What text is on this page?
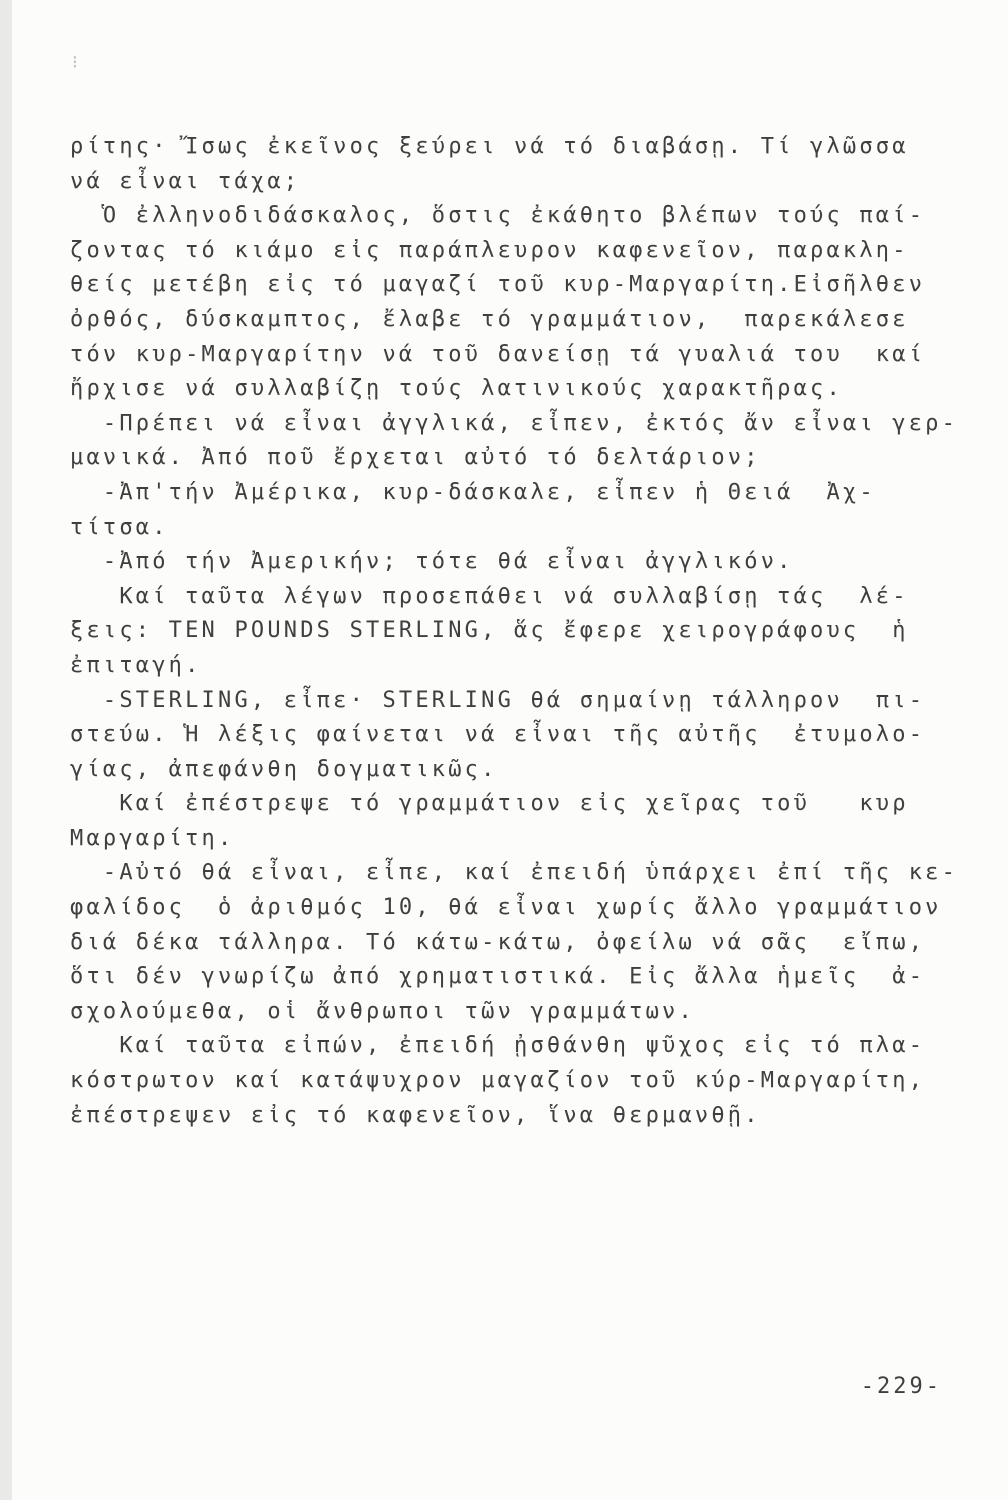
⁝
ρίτης· Ἴσως ἐκεῖνος ξεύρει νά τό διαβάσῃ. Τί γλῶσσα
νά εἶναι τάχα;
Ὁ ἐλληνοδιδάσκαλος, ὅστις ἐκάθητο βλέπων τούς παί-
ζοντας τό κιάμο εἰς παράπλευρον καφενεῖον, παρακλη-
θείς μετέβη εἰς τό μαγαζί τοῦ κυρ-Μαργαρίτη.Εἰσῆλθεν
ὀρθός, δύσκαμπτος, ἔλαβε τό γραμμάτιον,  παρεκάλεσε
τόν κυρ-Μαργαρίτην νά τοῦ δανείσῃ τά γυαλιά του  καί
ἤρχισε νά συλλαβίζῃ τούς λατινικούς χαρακτῆρας.
-Πρέπει νά εἶναι ἀγγλικά, εἶπεν, ἐκτός ἄν εἶναι γερ-
μανικά. Ἀπό ποῦ ἔρχεται αὐτό τό δελτάριον;
-Ἀπ'τήν Ἀμέρικα, κυρ-δάσκαλε, εἶπεν ἡ Θειά  Ἀχ-
τίτσα.
-Ἀπό τήν Ἀμερικήν; τότε θά εἶναι ἀγγλικόν.
Καί ταῦτα λέγων προσεπάθει νά συλλαβίσῃ τάς  λέ-
ξεις: TEN POUNDS STERLING, ἅς ἔφερε χειρογράφους  ἡ
ἐπιταγή.
-STERLING, εἶπε· STERLING θά σημαίνῃ τάλληρον  πι-
στεύω. Ἡ λέξις φαίνεται νά εἶναι τῆς αὐτῆς  ἐτυμολο-
γίας, ἀπεφάνθη δογματικῶς.
Καί ἐπέστρεψε τό γραμμάτιον εἰς χεῖρας τοῦ   κυρ
Μαργαρίτη.
-Αὐτό θά εἶναι, εἶπε, καί ἐπειδή ὑπάρχει ἐπί τῆς κε-
φαλίδος  ὁ ἀριθμός 10, θά εἶναι χωρίς ἄλλο γραμμάτιον
διά δέκα τάλληρα. Τό κάτω-κάτω, ὀφείλω νά σᾶς  εἴπω,
ὅτι δέν γνωρίζω ἀπό χρηματιστικά. Εἰς ἄλλα ἡμεῖς  ἀ-
σχολούμεθα, οἱ ἄνθρωποι τῶν γραμμάτων.
Καί ταῦτα εἰπών, ἐπειδή ᾐσθάνθη ψῦχος εἰς τό πλα-
κόστρωτον καί κατάψυχρον μαγαζίον τοῦ κύρ-Μαργαρίτη,
ἐπέστρεψεν εἰς τό καφενεῖον, ἵνα θερμανθῇ.
-229-
